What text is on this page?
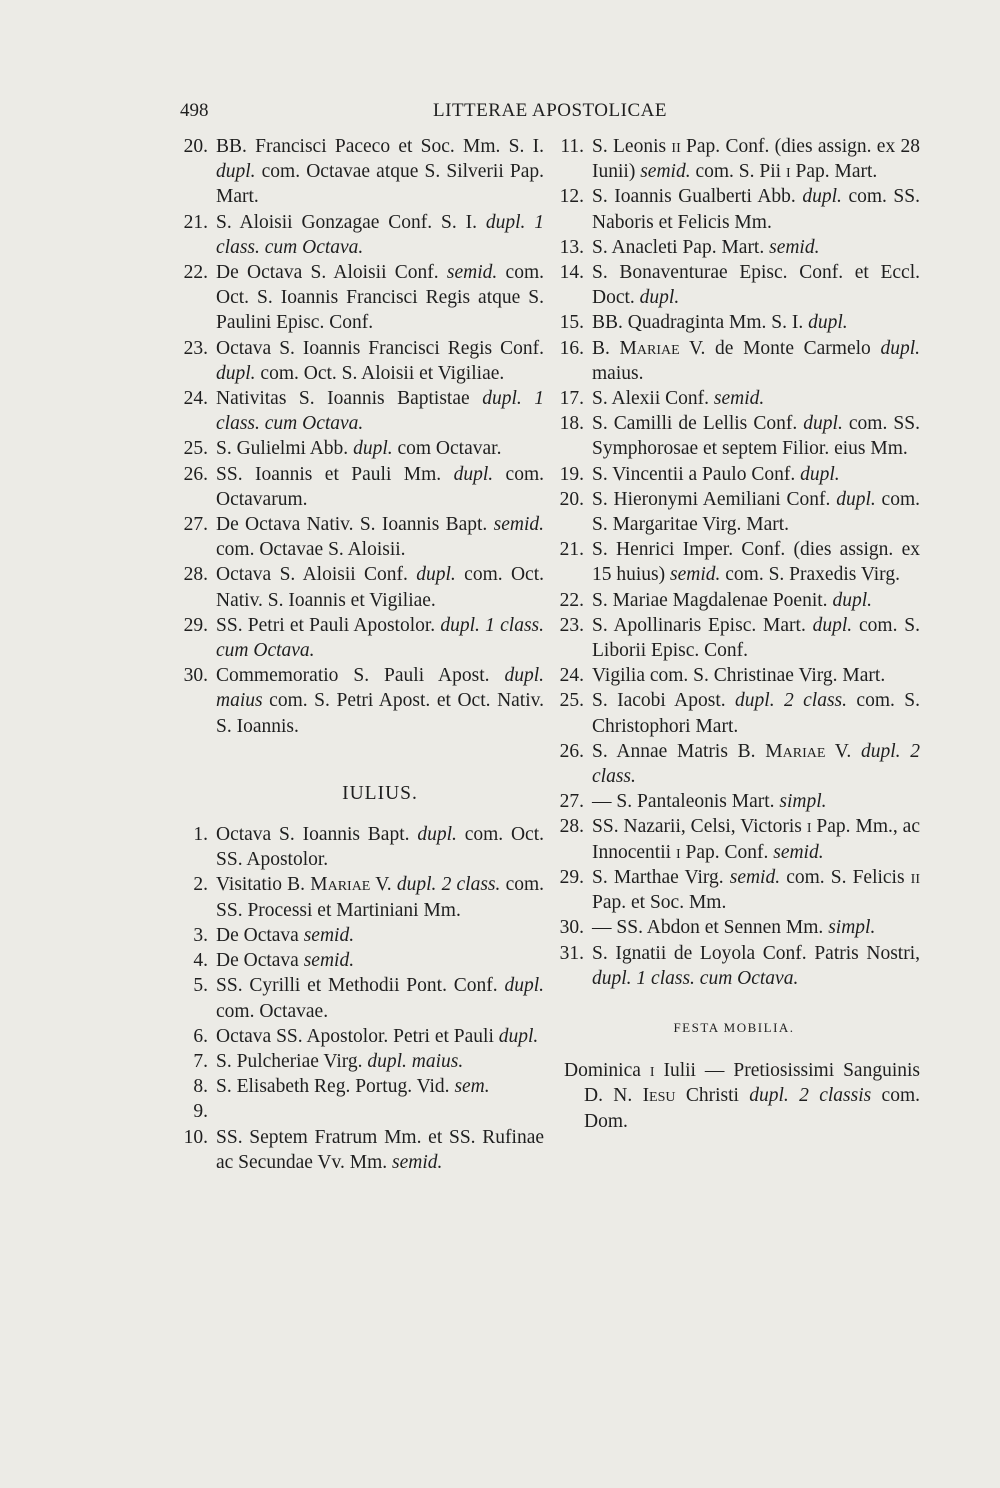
498	LITTERAE APOSTOLICAE
20. BB. Francisci Paceco et Soc. Mm. S. I. dupl. com. Octavae atque S. Silverii Pap. Mart.
21. S. Aloisii Gonzagae Conf. S. I. dupl. 1 class. cum Octava.
22. De Octava S. Aloisii Conf. semid. com. Oct. S. Ioannis Francisci Regis atque S. Paulini Episc. Conf.
23. Octava S. Ioannis Francisci Regis Conf. dupl. com. Oct. S. Aloisii et Vigiliae.
24. Nativitas S. Ioannis Baptistae dupl. 1 class. cum Octava.
25. S. Gulielmi Abb. dupl. com Octavar.
26. SS. Ioannis et Pauli Mm. dupl. com. Octavarum.
27. De Octava Nativ. S. Ioannis Bapt. semid. com. Octavae S. Aloisii.
28. Octava S. Aloisii Conf. dupl. com. Oct. Nativ. S. Ioannis et Vigiliae.
29. SS. Petri et Pauli Apostolor. dupl. 1 class. cum Octava.
30. Commemoratio S. Pauli Apost. dupl. maius com. S. Petri Apost. et Oct. Nativ. S. Ioannis.
IULIUS.
1. Octava S. Ioannis Bapt. dupl. com. Oct. SS. Apostolor.
2. Visitatio B. Mariae V. dupl. 2 class. com. SS. Processi et Martiniani Mm.
3. De Octava semid.
4. De Octava semid.
5. SS. Cyrilli et Methodii Pont. Conf. dupl. com. Octavae.
6. Octava SS. Apostolor. Petri et Pauli dupl.
7. S. Pulcheriae Virg. dupl. maius.
8. S. Elisabeth Reg. Portug. Vid. sem.
9.

10. SS. Septem Fratrum Mm. et SS. Rufinae ac Secundae Vv. Mm. semid.
11. S. Leonis ii Pap. Conf. (dies assign. ex 28 Iunii) semid. com. S. Pii i Pap. Mart.
12. S. Ioannis Gualberti Abb. dupl. com. SS. Naboris et Felicis Mm.
13. S. Anacleti Pap. Mart. semid.
14. S. Bonaventurae Episc. Conf. et Eccl. Doct. dupl.
15. BB. Quadraginta Mm. S. I. dupl.
16. B. Mariae V. de Monte Carmelo dupl. maius.
17. S. Alexii Conf. semid.
18. S. Camilli de Lellis Conf. dupl. com. SS. Symphorosae et septem Filior. eius Mm.
19. S. Vincentii a Paulo Conf. dupl.
20. S. Hieronymi Aemiliani Conf. dupl. com. S. Margaritae Virg. Mart.
21. S. Henrici Imper. Conf. (dies assign. ex 15 huius) semid. com. S. Praxedis Virg.
22. S. Mariae Magdalenae Poenit. dupl.
23. S. Apollinaris Episc. Mart. dupl. com. S. Liborii Episc. Conf.
24. Vigilia com. S. Christinae Virg. Mart.
25. S. Iacobi Apost. dupl. 2 class. com. S. Christophori Mart.
26. S. Annae Matris B. Mariae V. dupl. 2 class.
27. — S. Pantaleonis Mart. simpl.
28. SS. Nazarii, Celsi, Victoris i Pap. Mm., ac Innocentii i Pap. Conf. semid.
29. S. Marthae Virg. semid. com. S. Felicis ii Pap. et Soc. Mm.
30. — SS. Abdon et Sennen Mm. simpl.
31. S. Ignatii de Loyola Conf. Patris Nostri, dupl. 1 class. cum Octava.
FESTA MOBILIA.
Dominica i Iulii — Pretiosissimi Sanguinis D. N. Iesu Christi dupl. 2 classis com. Dom.
